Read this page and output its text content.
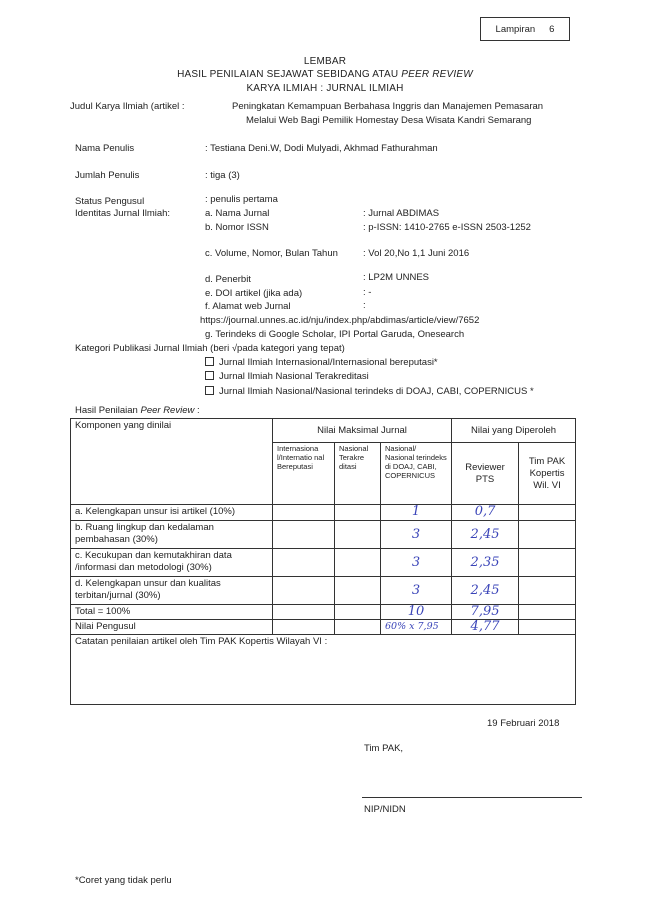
Lampiran 6
LEMBAR
HASIL PENILAIAN SEJAWAT SEBIDANG ATAU PEER REVIEW
KARYA ILMIAH : JURNAL ILMIAH
Judul Karya Ilmiah (artikel :	Peningkatan Kemampuan Berbahasa Inggris dan Manajemen Pemasaran
Melalui Web Bagi Pemilik Homestay Desa Wisata Kandri Semarang
Nama Penulis	: Testiana Deni.W, Dodi Mulyadi, Akhmad Fathurahman
Jumlah Penulis	: tiga (3)
Status Pengusul	: penulis pertama
Identitas Jurnal Ilmiah:	a. Nama Jurnal	: Jurnal ABDIMAS
b. Nomor ISSN	: p-ISSN: 1410-2765 e-ISSN 2503-1252
c. Volume, Nomor, Bulan Tahun	: Vol 20,No 1,1 Juni 2016
d. Penerbit	: LP2M UNNES
e. DOI artikel (jika ada)	: -
f. Alamat web Jurnal	:
https://journal.unnes.ac.id/nju/index.php/abdimas/article/view/7652
g. Terindeks di Google Scholar, IPI Portal Garuda, Onesearch
Kategori Publikasi Jurnal Ilmiah (beri √pada kategori yang tepat)
Jurnal Ilmiah Internasional/Internasional bereputasi*
Jurnal Ilmiah Nasional Terakreditasi
Jurnal Ilmiah Nasional/Nasional terindeks di DOAJ, CABI, COPERNICUS *
Hasil Penilaian Peer Review :
Komponen yang dinilai	Nilai Maksimal Jurnal			Nilai yang Diperoleh	
	Internasiona l/Internatio nal Bereputasi	Nasional Terakre ditasi	Nasional/ Nasional terindeks di DOAJ, CABI, COPERNICUS	Reviewer PTS	Tim PAK Kopertis Wil. VI
a. Kelengkapan unsur isi artikel (10%)			1	0,7	
b. Ruang lingkup dan kedalaman pembahasan (30%)			3	2,45	
c. Kecukupan dan kemutakhiran data /informasi dan metodologi (30%)			3	2,35	
d. Kelengkapan unsur dan kualitas terbitan/jurnal (30%)			3	2,45	
Total = 100%			10	7,95	
Nilai Pengusul			60% x 7,95	4,77	
Catatan penilaian artikel oleh Tim PAK Kopertis Wilayah VI :					
19 Februari 2018
Tim PAK,
NIP/NIDN
*Coret yang tidak perlu
